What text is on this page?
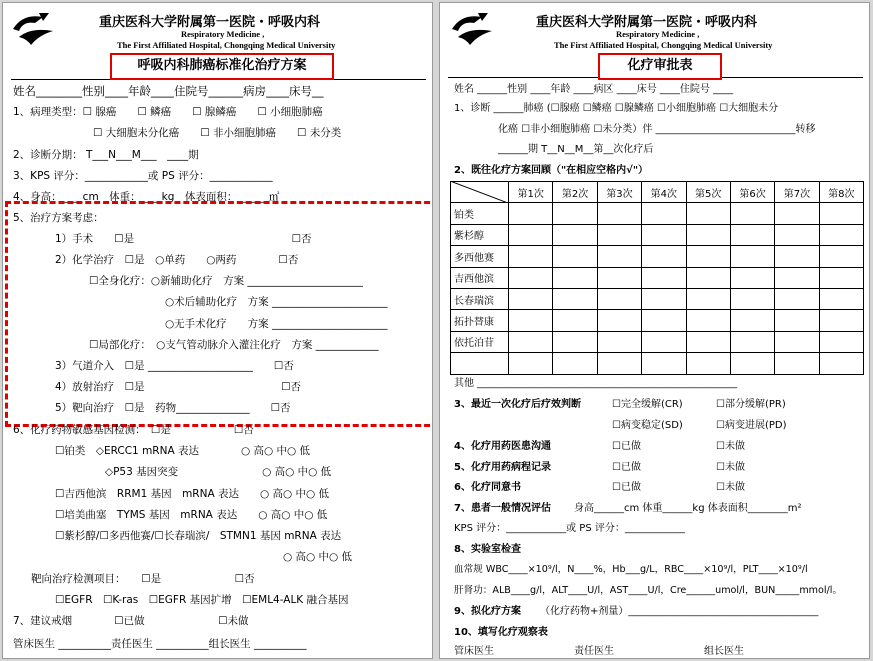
重庆医科大学附属第一医院・呼吸内科
Respiratory Medicine ,
The First Affiliated Hospital, Chongqing Medical University
呼吸内科肺癌标准化治疗方案
姓名________性别____年龄____住院号______病房____床号__
1、病理类型：☐ 腺癌　　☐ 鳞癌　　☐ 腺鳞癌　　☐ 小细胞肺癌
☐ 大细胞未分化癌　　☐ 非小细胞肺癌　　☐ 未分类
2、诊断分期： T___N___M___　____期
3、KPS 评分：____________或 PS 评分：____________
4、身高：____cm　体重：____kg　体表面积：______㎡
5、治疗方案考虑：
1）手术　　☐是　　　　　　　　　　　　　　　☐否
2）化学治疗　☐是　○单药　　○两药　　　　☐否
☐全身化疗：○新辅助化疗　方案 ______________________
○术后辅助化疗　方案 ______________________
○无手术化疗　　方案 ______________________
☐局部化疗：　○支气管动脉介入灌注化疗　方案 ____________
3）气道介入　☐是 ____________________　　☐否
4）放射治疗　☐是　　　　　　　　　　　　　☐否
5）靶向治疗　☐是　药物______________　　☐否
6、化疗药物敏感基因检测：　☐是　　　　　　☐否
☐铂类　◇ERCC1 mRNA 表达　　　　○ 高○ 中○ 低
◇P53 基因突变　　　　　　　　○ 高○ 中○ 低
☐吉西他滨　RRM1 基因　mRNA 表达　　○ 高○ 中○ 低
☐培美曲塞　TYMS 基因　mRNA 表达　　○ 高○ 中○ 低
☐紫杉醇/☐多西他赛/☐长春瑞滨/　STMN1 基因 mRNA 表达
○ 高○ 中○ 低
靶向治疗检测项目：　　☐是　　　　　　　☐否
☐EGFR　☐K-ras　☐EGFR 基因扩增　☐EML4-ALK 融合基因
7、建议戒烟　　　　☐已做　　　　　　　☐未做
管床医生 __________责任医生 __________组长医生 __________
重庆医科大学附属第一医院・呼吸内科
Respiratory Medicine ,
The First Affiliated Hospital, Chongqing Medical University
化疗审批表
姓名 ______性别 ____年龄 ____病区 ____床号 ____住院号 ____
1、诊断 ______肺癌 (☐腺癌 ☐鳞癌 ☐腺鳞癌 ☐小细胞肺癌 ☐大细胞未分
化癌 ☐非小细胞肺癌 ☐未分类）伴 ____________________________转移
______期 T__N__M__第__次化疗后
2、既往化疗方案回顾（"在相应空格内√"）
	第1次	第2次	第3次	第4次	第5次	第6次	第7次	第8次
铂类								
紫杉醇								
多西他赛								
吉西他滨								
长春瑞滨								
拓扑替康								
依托泊苷								

其他 ____________________________________________________
3、最近一次化疗后疗效判断	☐完全缓解(CR)	☐部分缓解(PR)
☐病变稳定(SD)	☐病变进展(PD)
4、化疗用药医患沟通	☐已做	☐未做
5、化疗用药病程记录	☐已做	☐未做
6、化疗同意书	☐已做	☐未做
7、患者一般情况评估 身高______cm 体重______kg 体表面积________m²
KPS 评分：____________或 PS 评分：____________
8、实验室检查
血常规 WBC____×10⁹/l，N____%，Hb___g/L，RBC____×10⁹/l，PLT____×10⁹/l
肝肾功：ALB____g/l，ALT____U/l，AST____U/l，Cre______umol/l，BUN_____mmol/l。
9、拟化疗方案 （化疗药物+剂量）______________________________________
10、填写化疗观察表
管床医生　　　　　　　　责任医生　　　　　　　　　组长医生
